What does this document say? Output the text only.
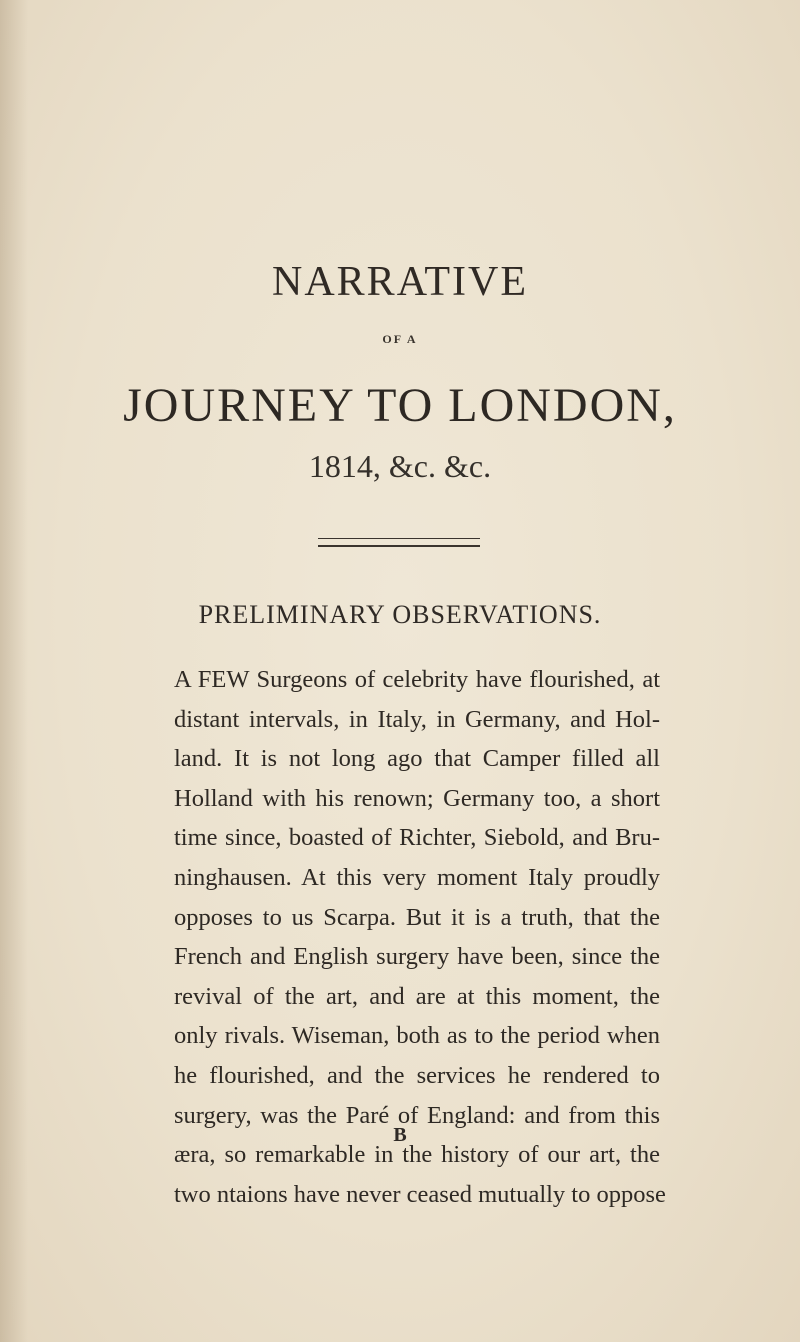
NARRATIVE
OF A
JOURNEY TO LONDON,
1814, &c. &c.
PRELIMINARY OBSERVATIONS.
A FEW Surgeons of celebrity have flourished, at
distant intervals, in Italy, in Germany, and Hol-
land. It is not long ago that Camper filled all
Holland with his renown; Germany too, a short
time since, boasted of Richter, Siebold, and Bru-
ninghausen. At this very moment Italy proudly
opposes to us Scarpa. But it is a truth, that the
French and English surgery have been, since the
revival of the art, and are at this moment, the
only rivals. Wiseman, both as to the period when
he flourished, and the services he rendered to
surgery, was the Paré of England: and from this
æra, so remarkable in the history of our art, the
two ntaions have never ceased mutually to oppose
B
